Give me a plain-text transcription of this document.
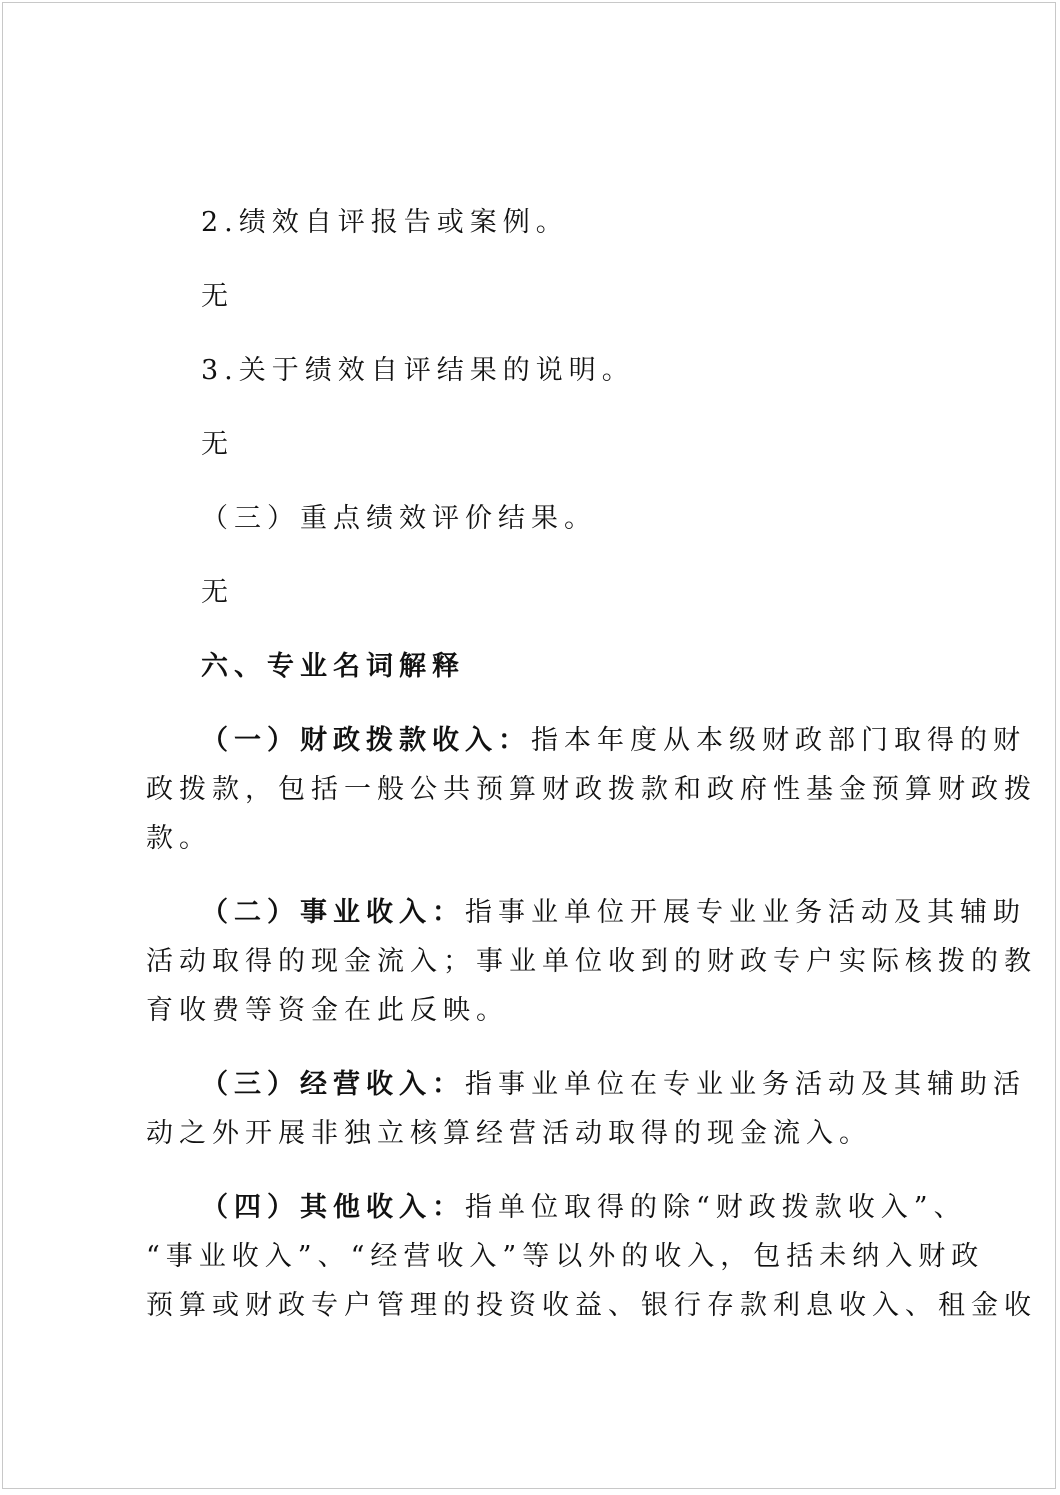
2.绩效自评报告或案例。
无
3.关于绩效自评结果的说明。
无
（三）重点绩效评价结果。
无
六、专业名词解释
（一）财政拨款收入：指本年度从本级财政部门取得的财
政拨款，包括一般公共预算财政拨款和政府性基金预算财政拨
款。
（二）事业收入：指事业单位开展专业业务活动及其辅助
活动取得的现金流入；事业单位收到的财政专户实际核拨的教
育收费等资金在此反映。
（三）经营收入：指事业单位在专业业务活动及其辅助活
动之外开展非独立核算经营活动取得的现金流入。
（四）其他收入：指单位取得的除“财政拨款收入”、
“事业收入”、“经营收入”等以外的收入，包括未纳入财政
预算或财政专户管理的投资收益、银行存款利息收入、租金收
